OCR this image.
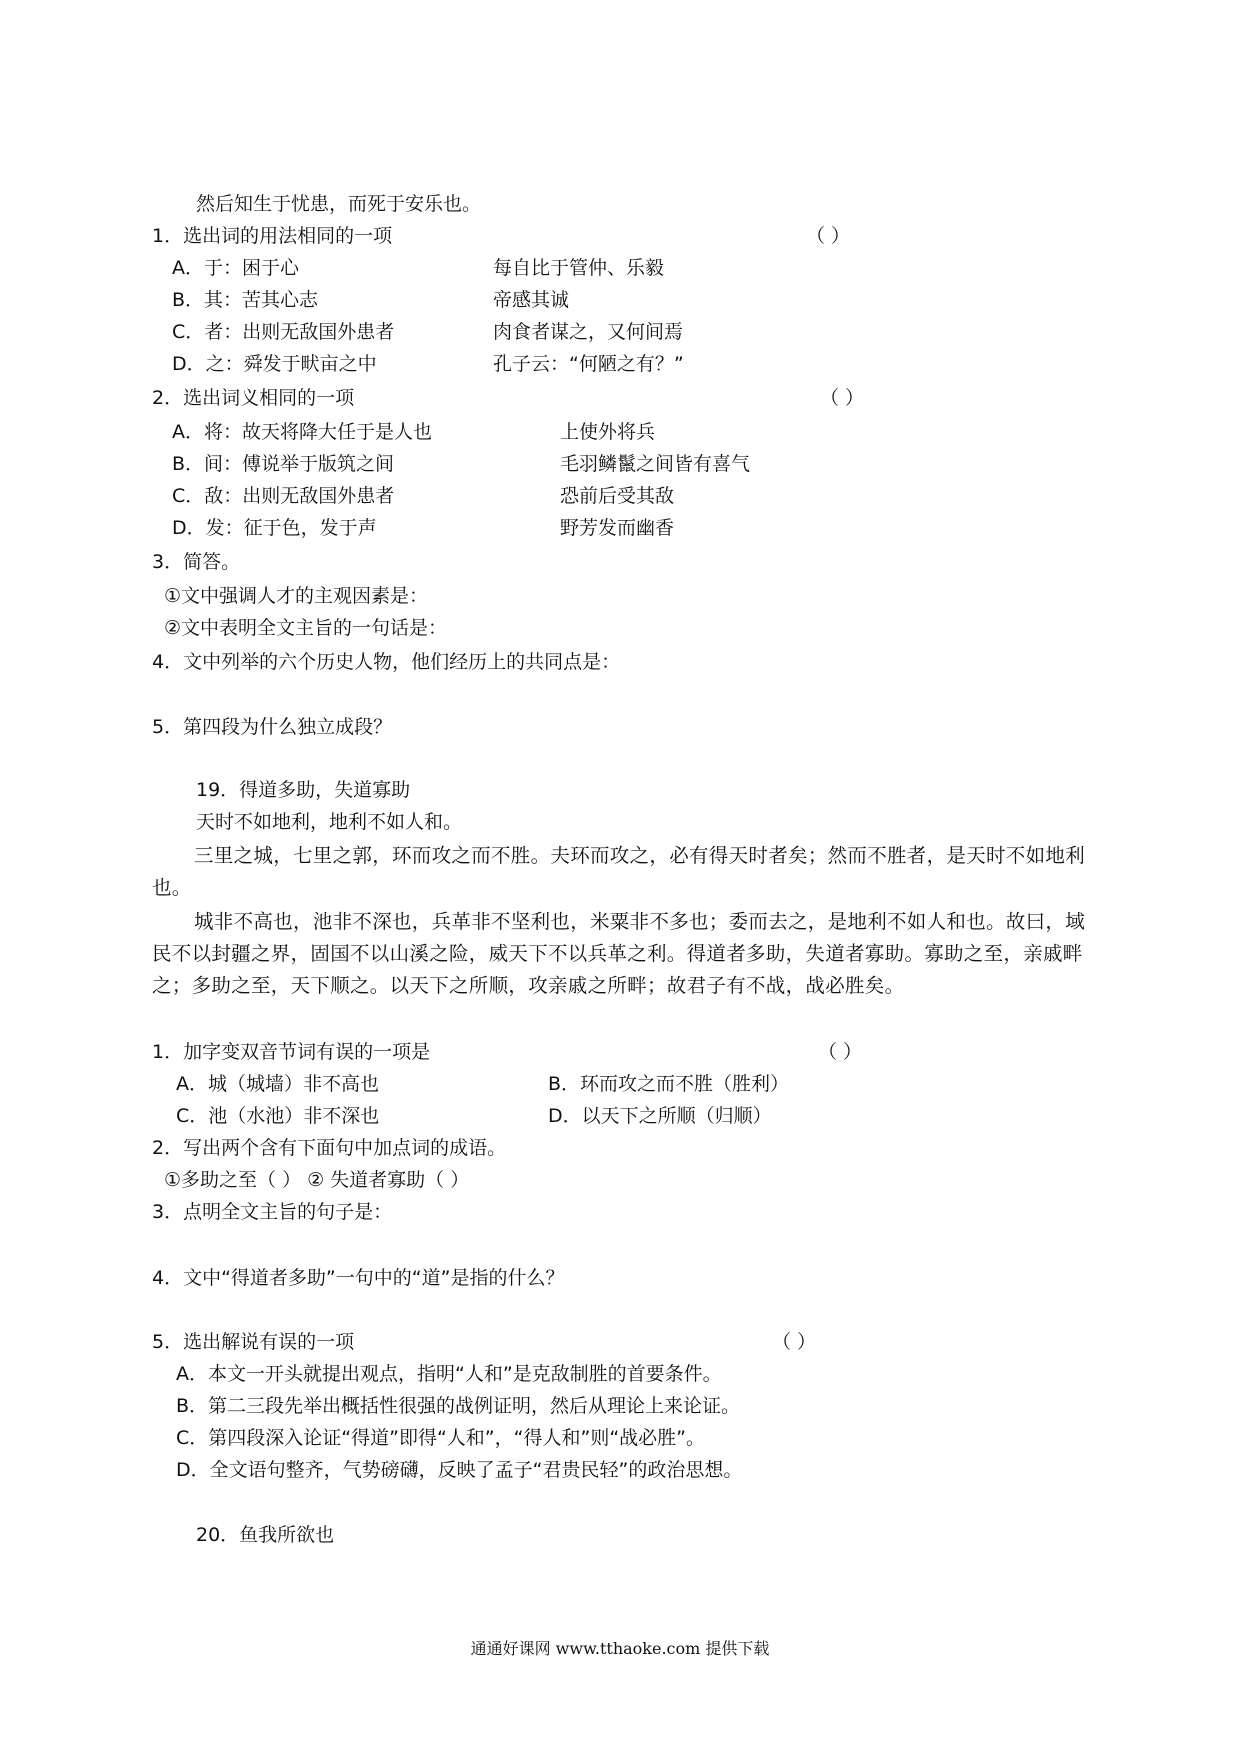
然后知生于忧患，而死于安乐也。
1．选出词的用法相同的一项	（ ）
A．于：困于心	每自比于管仲、乐毅
B．其：苦其心志	帝感其诚
C．者：出则无敌国外患者	肉食者谋之，又何间焉
D．之：舜发于畎亩之中	孔子云：“何陋之有？”
2．选出词义相同的一项	（ ）
A．将：故天将降大任于是人也	上使外将兵
B．间：傅说举于版筑之间	毛羽鳞鬣之间皆有喜气
C．敌：出则无敌国外患者	恐前后受其敌
D．发：征于色，发于声	野芳发而幽香
3．简答。
①文中强调人才的主观因素是：
②文中表明全文主旨的一句话是：
4．文中列举的六个历史人物，他们经历上的共同点是：
5．第四段为什么独立成段？
19．得道多助，失道寡助
天时不如地利，地利不如人和。
三里之城，七里之郭，环而攻之而不胜。夫环而攻之，必有得天时者矣；然而不胜者，是天时不如地利也。
城非不高也，池非不深也，兵革非不坚利也，米粟非不多也；委而去之，是地利不如人和也。故曰，域民不以封疆之界，固国不以山溪之险，威天下不以兵革之利。得道者多助，失道者寡助。寡助之至，亲戚畔之；多助之至，天下顺之。以天下之所顺，攻亲戚之所畔；故君子有不战，战必胜矣。
1．加字变双音节词有误的一项是	（ ）
A．城（城墙）非不高也	B．环而攻之而不胜（胜利）
C．池（水池）非不深也	D．以天下之所顺（归顺）
2．写出两个含有下面句中加点词的成语。
①多助之至（ ） ② 失道者寡助（ ）
3．点明全文主旨的句子是：
4．文中“得道者多助”一句中的“道”是指的什么？
5．选出解说有误的一项	（ ）
A．本文一开头就提出观点，指明“人和”是克敌制胜的首要条件。
B．第二三段先举出概括性很强的战例证明，然后从理论上来论证。
C．第四段深入论证“得道”即得“人和”，“得人和”则“战必胜”。
D．全文语句整齐，气势磅礴，反映了孟子“君贵民轻”的政治思想。
20．鱼我所欲也
通通好课网 www.tthaoke.com 提供下载
